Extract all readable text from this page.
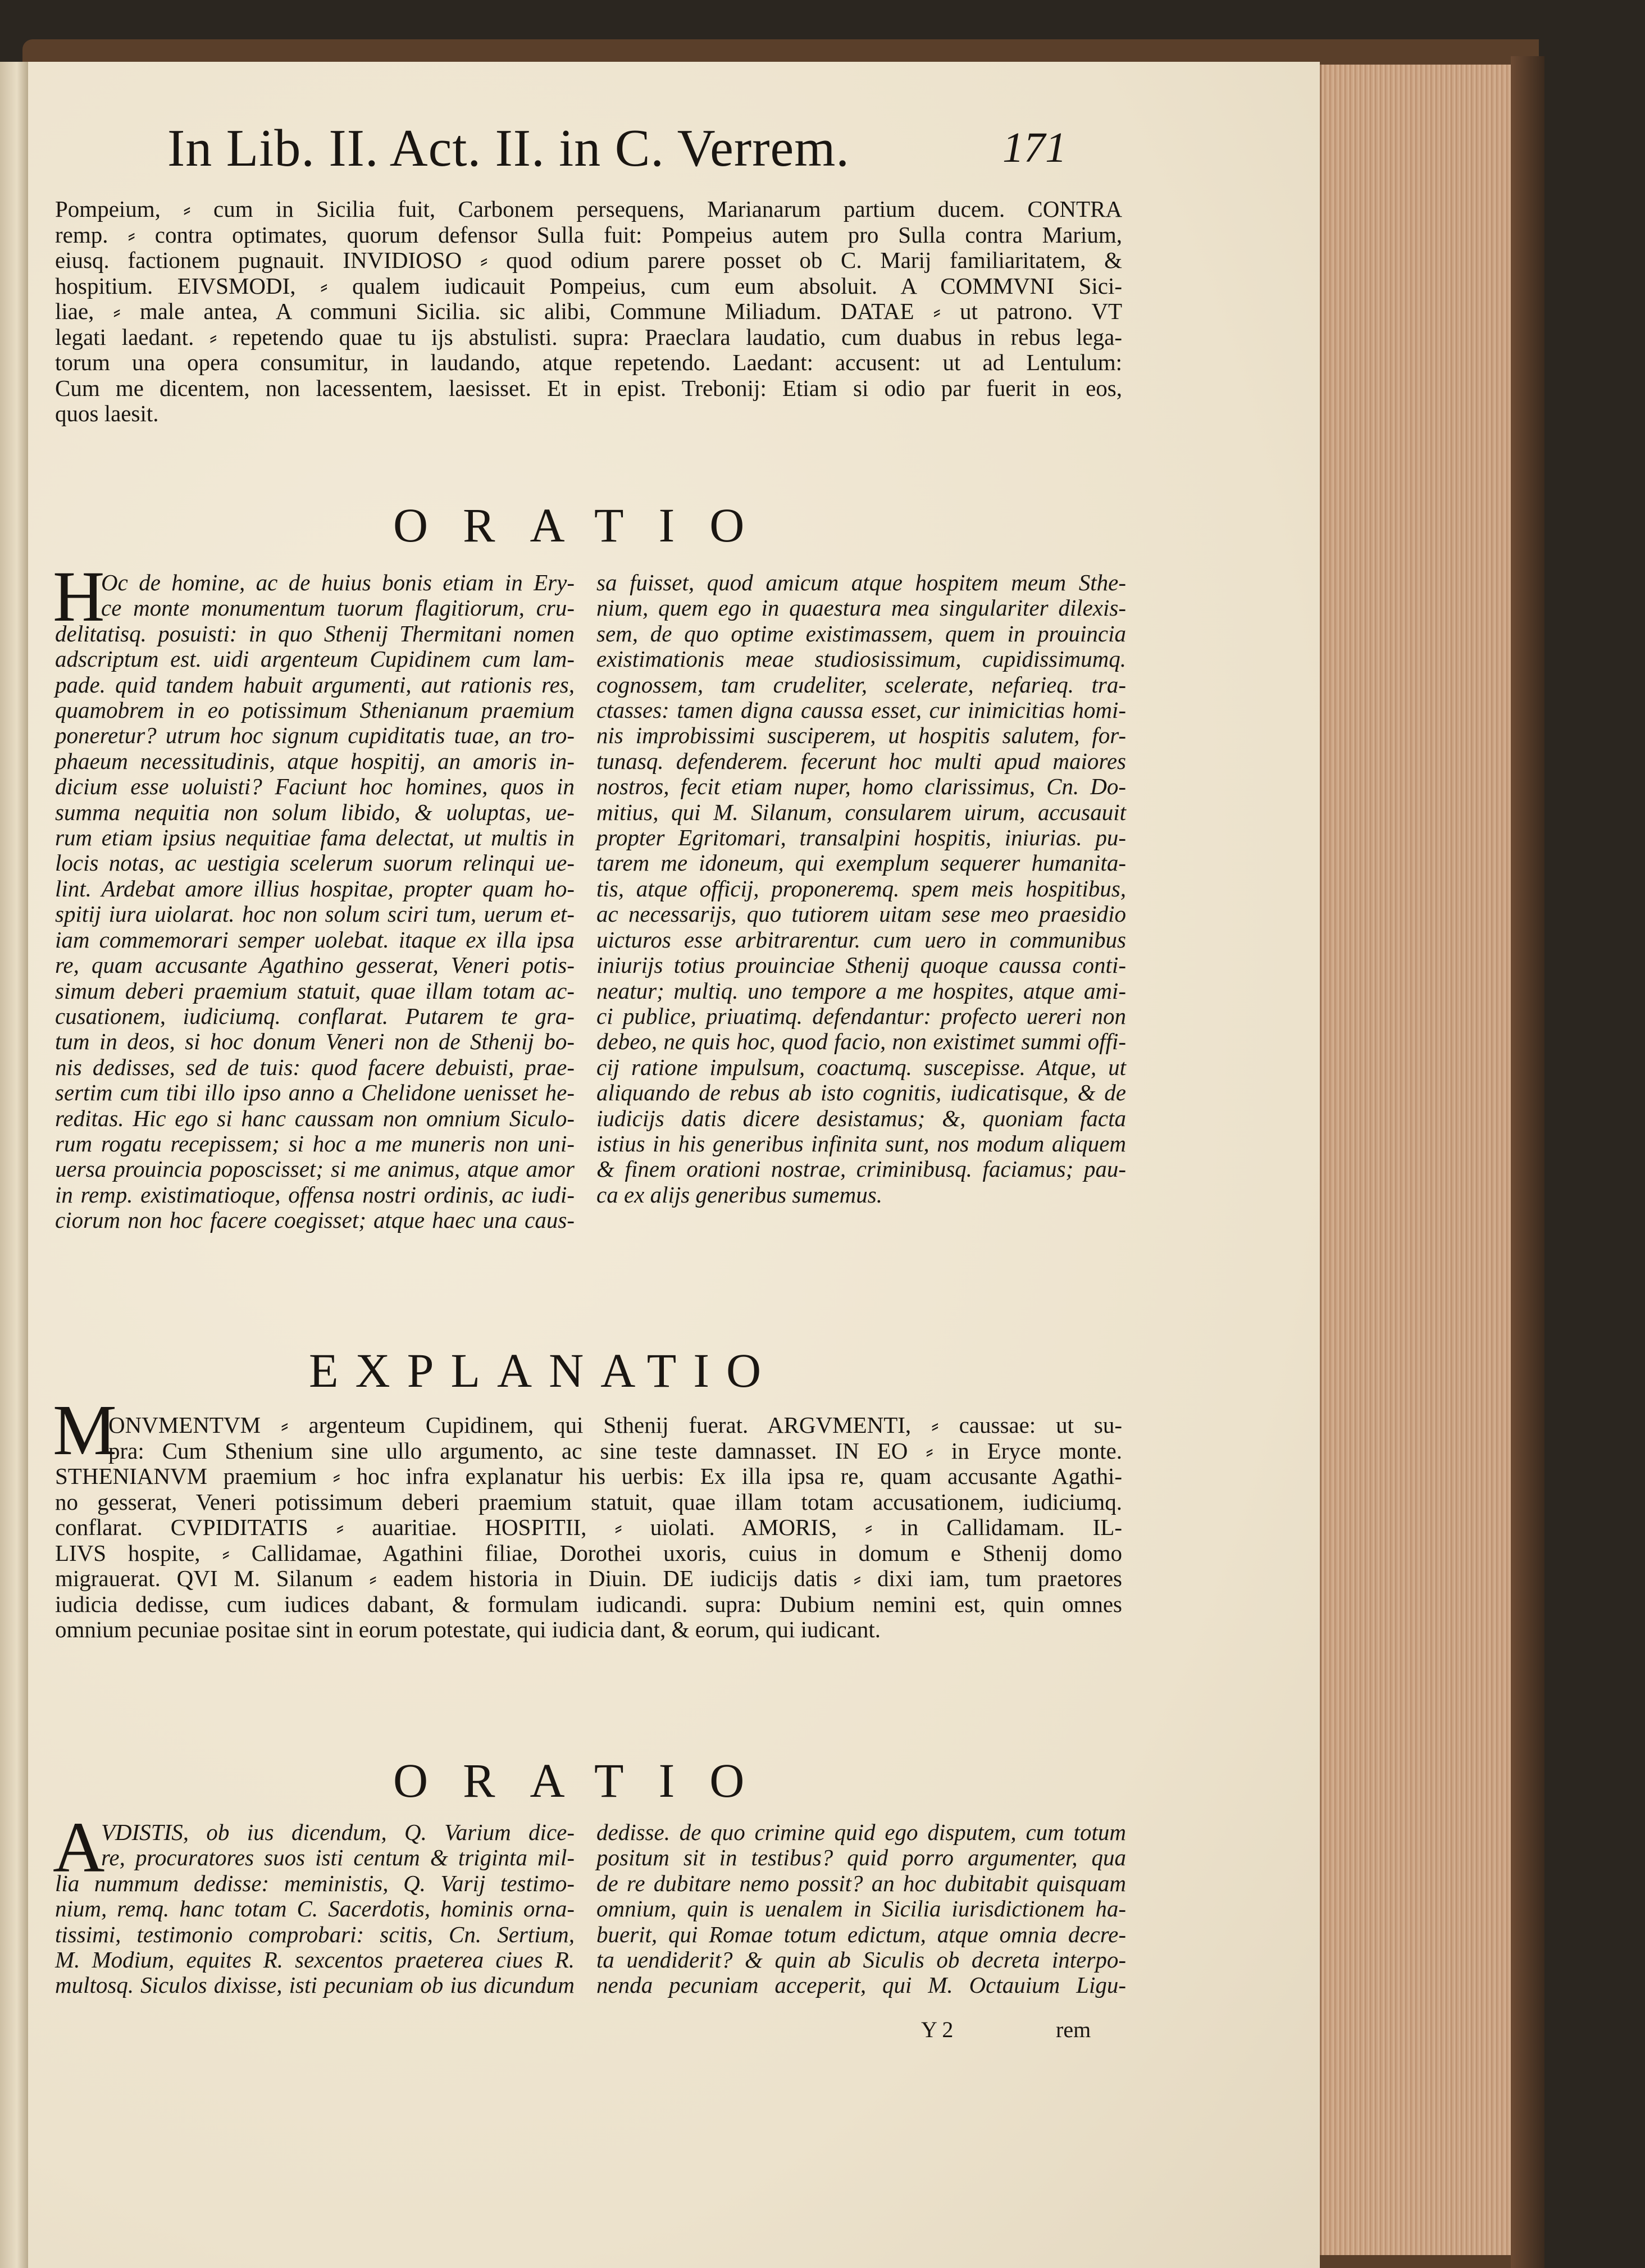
In Lib. II. Act. II. in C. Verrem.	171
Pompeium, ⸗ cum in Sicilia fuit, Carbonem persequens, Marianarum partium ducem. CONTRA
remp. ⸗ contra optimates, quorum defensor Sulla fuit: Pompeius autem pro Sulla contra Marium,
eiusq. factionem pugnauit. INVIDIOSO ⸗ quod odium parere posset ob C. Marij familiaritatem, &
hospitium. EIVSMODI, ⸗ qualem iudicauit Pompeius, cum eum absoluit. A COMMVNI Sici-
liae, ⸗ male antea, A communi Sicilia. sic alibi, Commune Miliadum. DATAE ⸗ ut patrono. VT
legati laedant. ⸗ repetendo quae tu ijs abstulisti. supra: Praeclara laudatio, cum duabus in rebus lega-
torum una opera consumitur, in laudando, atque repetendo. Laedant: accusent: ut ad Lentulum:
Cum me dicentem, non lacessentem, laesisset. Et in epist. Trebonij: Etiam si odio par fuerit in eos,
quos laesit.
ORATIO
H
Oc de homine, ac de huius bonis etiam in Ery-
ce monte monumentum tuorum flagitiorum, cru-
delitatisq. posuisti: in quo Sthenij Thermitani nomen
adscriptum est. uidi argenteum Cupidinem cum lam-
pade. quid tandem habuit argumenti, aut rationis res,
quamobrem in eo potissimum Sthenianum praemium
poneretur? utrum hoc signum cupiditatis tuae, an tro-
phaeum necessitudinis, atque hospitij, an amoris in-
dicium esse uoluisti? Faciunt hoc homines, quos in
summa nequitia non solum libido, & uoluptas, ue-
rum etiam ipsius nequitiae fama delectat, ut multis in
locis notas, ac uestigia scelerum suorum relinqui ue-
lint. Ardebat amore illius hospitae, propter quam ho-
spitij iura uiolarat. hoc non solum sciri tum, uerum et-
iam commemorari semper uolebat. itaque ex illa ipsa
re, quam accusante Agathino gesserat, Veneri potis-
simum deberi praemium statuit, quae illam totam ac-
cusationem, iudiciumq. conflarat. Putarem te gra-
tum in deos, si hoc donum Veneri non de Sthenij bo-
nis dedisses, sed de tuis: quod facere debuisti, prae-
sertim cum tibi illo ipso anno a Chelidone uenisset he-
reditas. Hic ego si hanc caussam non omnium Siculo-
rum rogatu recepissem; si hoc a me muneris non uni-
uersa prouincia poposcisset; si me animus, atque amor
in remp. existimatioque, offensa nostri ordinis, ac iudi-
ciorum non hoc facere coegisset; atque haec una caus-
sa fuisset, quod amicum atque hospitem meum Sthe-
nium, quem ego in quaestura mea singulariter dilexis-
sem, de quo optime existimassem, quem in prouincia
existimationis meae studiosissimum, cupidissimumq.
cognossem, tam crudeliter, scelerate, nefarieq. tra-
ctasses: tamen digna caussa esset, cur inimicitias homi-
nis improbissimi susciperem, ut hospitis salutem, for-
tunasq. defenderem. fecerunt hoc multi apud maiores
nostros, fecit etiam nuper, homo clarissimus, Cn. Do-
mitius, qui M. Silanum, consularem uirum, accusauit
propter Egritomari, transalpini hospitis, iniurias. pu-
tarem me idoneum, qui exemplum sequerer humanita-
tis, atque officij, proponeremq. spem meis hospitibus,
ac necessarijs, quo tutiorem uitam sese meo praesidio
uicturos esse arbitrarentur. cum uero in communibus
iniurijs totius prouinciae Sthenij quoque caussa conti-
neatur; multiq. uno tempore a me hospites, atque ami-
ci publice, priuatimq. defendantur: profecto uereri non
debeo, ne quis hoc, quod facio, non existimet summi offi-
cij ratione impulsum, coactumq. suscepisse. Atque, ut
aliquando de rebus ab isto cognitis, iudicatisque, & de
iudicijs datis dicere desistamus; &, quoniam facta
istius in his generibus infinita sunt, nos modum aliquem
& finem orationi nostrae, criminibusq. faciamus; pau-
ca ex alijs generibus sumemus.
EXPLANATIO
M
ONVMENTVM ⸗ argenteum Cupidinem, qui Sthenij fuerat. ARGVMENTI, ⸗ caussae: ut su-
pra: Cum Sthenium sine ullo argumento, ac sine teste damnasset. IN EO ⸗ in Eryce monte.
STHENIANVM praemium ⸗ hoc infra explanatur his uerbis: Ex illa ipsa re, quam accusante Agathi-
no gesserat, Veneri potissimum deberi praemium statuit, quae illam totam accusationem, iudiciumq.
conflarat. CVPIDITATIS ⸗ auaritiae. HOSPITII, ⸗ uiolati. AMORIS, ⸗ in Callidamam. IL-
LIVS hospite, ⸗ Callidamae, Agathini filiae, Dorothei uxoris, cuius in domum e Sthenij domo
migrauerat. QVI M. Silanum ⸗ eadem historia in Diuin. DE iudicijs datis ⸗ dixi iam, tum praetores
iudicia dedisse, cum iudices dabant, & formulam iudicandi. supra: Dubium nemini est, quin omnes
omnium pecuniae positae sint in eorum potestate, qui iudicia dant, & eorum, qui iudicant.
ORATIO
A
VDISTIS, ob ius dicendum, Q. Varium dice-
re, procuratores suos isti centum & triginta mil-
lia nummum dedisse: meministis, Q. Varij testimo-
nium, remq. hanc totam C. Sacerdotis, hominis orna-
tissimi, testimonio comprobari: scitis, Cn. Sertium,
M. Modium, equites R. sexcentos praeterea ciues R.
multosq. Siculos dixisse, isti pecuniam ob ius dicundum
dedisse. de quo crimine quid ego disputem, cum totum
positum sit in testibus? quid porro argumenter, qua
de re dubitare nemo possit? an hoc dubitabit quisquam
omnium, quin is uenalem in Sicilia iurisdictionem ha-
buerit, qui Romae totum edictum, atque omnia decre-
ta uendiderit? & quin ab Siculis ob decreta interpo-
nenda pecuniam acceperit, qui M. Octauium Ligu-
Y 2	rem
